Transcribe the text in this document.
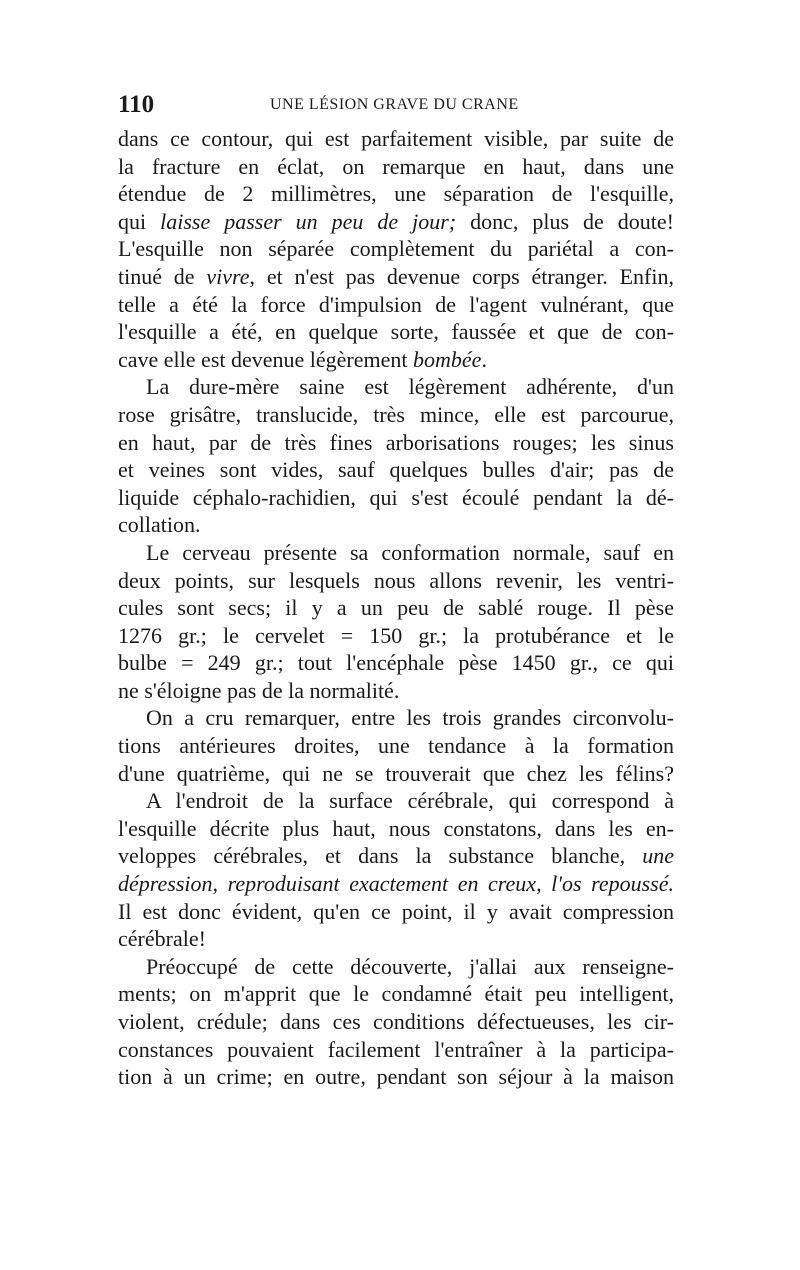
110	UNE LÉSION GRAVE DU CRANE
dans ce contour, qui est parfaitement visible, par suite de
la fracture en éclat, on remarque en haut, dans une
étendue de 2 millimètres, une séparation de l'esquille,
qui laisse passer un peu de jour; donc, plus de doute!
L'esquille non séparée complètement du pariétal a con-
tinué de vivre, et n'est pas devenue corps étranger. Enfin,
telle a été la force d'impulsion de l'agent vulnérant, que
l'esquille a été, en quelque sorte, faussée et que de con-
cave elle est devenue légèrement bombée.
La dure-mère saine est légèrement adhérente, d'un
rose grisâtre, translucide, très mince, elle est parcourue,
en haut, par de très fines arborisations rouges; les sinus
et veines sont vides, sauf quelques bulles d'air; pas de
liquide céphalo-rachidien, qui s'est écoulé pendant la dé-
collation.
Le cerveau présente sa conformation normale, sauf en
deux points, sur lesquels nous allons revenir, les ventri-
cules sont secs; il y a un peu de sablé rouge. Il pèse
1276 gr.; le cervelet = 150 gr.; la protubérance et le
bulbe = 249 gr.; tout l'encéphale pèse 1450 gr., ce qui
ne s'éloigne pas de la normalité.
On a cru remarquer, entre les trois grandes circonvolu-
tions antérieures droites, une tendance à la formation
d'une quatrième, qui ne se trouverait que chez les félins?
A l'endroit de la surface cérébrale, qui correspond à
l'esquille décrite plus haut, nous constatons, dans les en-
veloppes cérébrales, et dans la substance blanche, une
dépression, reproduisant exactement en creux, l'os repoussé.
Il est donc évident, qu'en ce point, il y avait compression
cérébrale!
Préoccupé de cette découverte, j'allai aux renseigne-
ments; on m'apprit que le condamné était peu intelligent,
violent, crédule; dans ces conditions défectueuses, les cir-
constances pouvaient facilement l'entraîner à la participa-
tion à un crime; en outre, pendant son séjour à la maison
